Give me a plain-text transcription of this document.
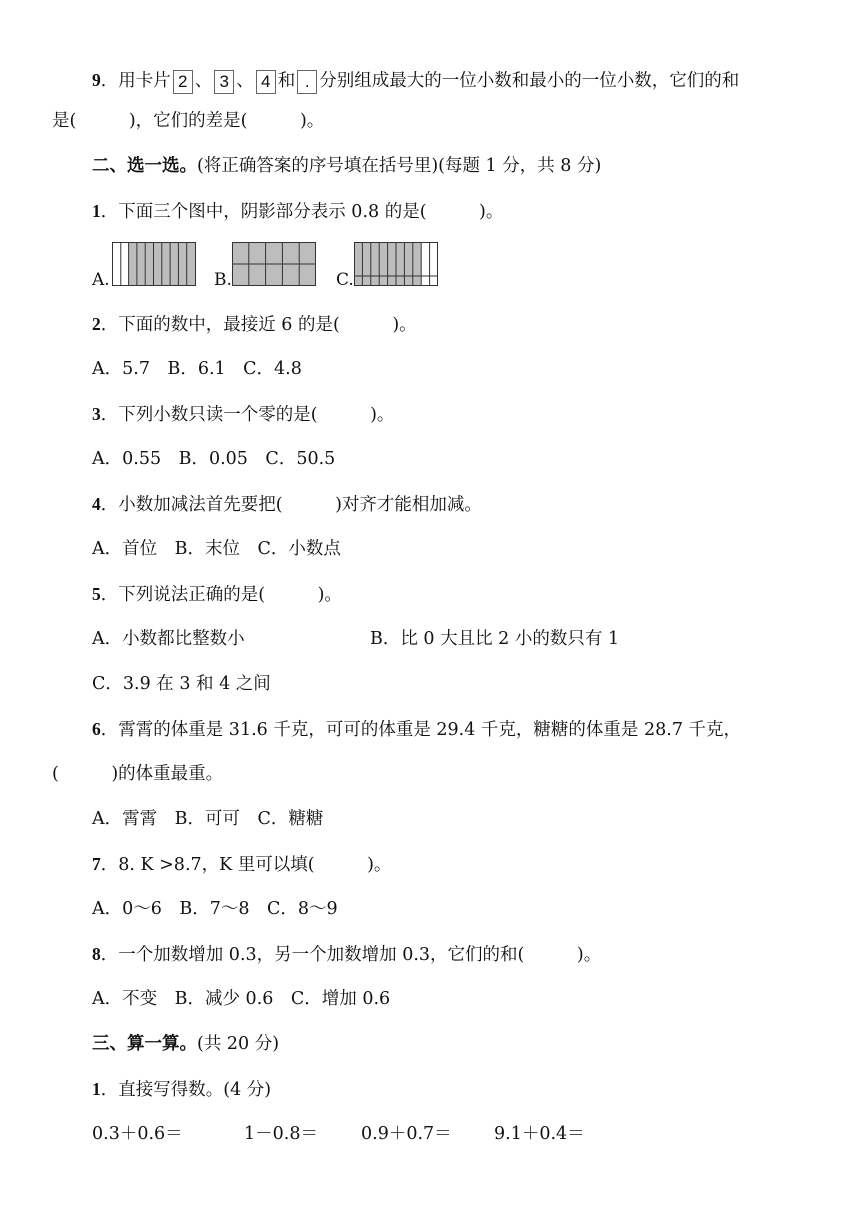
9．用卡片 2 、 3 、 4 和 . 分别组成最大的一位小数和最小的一位小数，它们的和
是(　　　)，它们的差是(　　　)。
二、选一选。(将正确答案的序号填在括号里)(每题 1 分，共 8 分)
1．下面三个图中，阴影部分表示 0.8 的是(　　　)。
A.	B.	C.
2．下面的数中，最接近 6 的是(　　　)。
A．5.7　B．6.1　C．4.8
3．下列小数只读一个零的是(　　　)。
A．0.55　B．0.05　C．50.5
4．小数加减法首先要把(　　　)对齐才能相加减。
A．首位　B．末位　C．小数点
5．下列说法正确的是(　　　)。
A．小数都比整数小	B．比 0 大且比 2 小的数只有 1
C．3.9 在 3 和 4 之间
6．霄霄的体重是 31.6 千克，可可的体重是 29.4 千克，糖糖的体重是 28.7 千克，
(　　　)的体重最重。
A．霄霄　B．可可　C．糖糖
7．8. K >8.7，K 里可以填(　　　)。
A．0～6　B．7～8　C．8～9
8．一个加数增加 0.3，另一个加数增加 0.3，它们的和(　　　)。
A．不变　B．减少 0.6　C．增加 0.6
三、算一算。(共 20 分)
1．直接写得数。(4 分)
0.3＋0.6＝	1－0.8＝ 0.9＋0.7＝ 9.1＋0.4＝
